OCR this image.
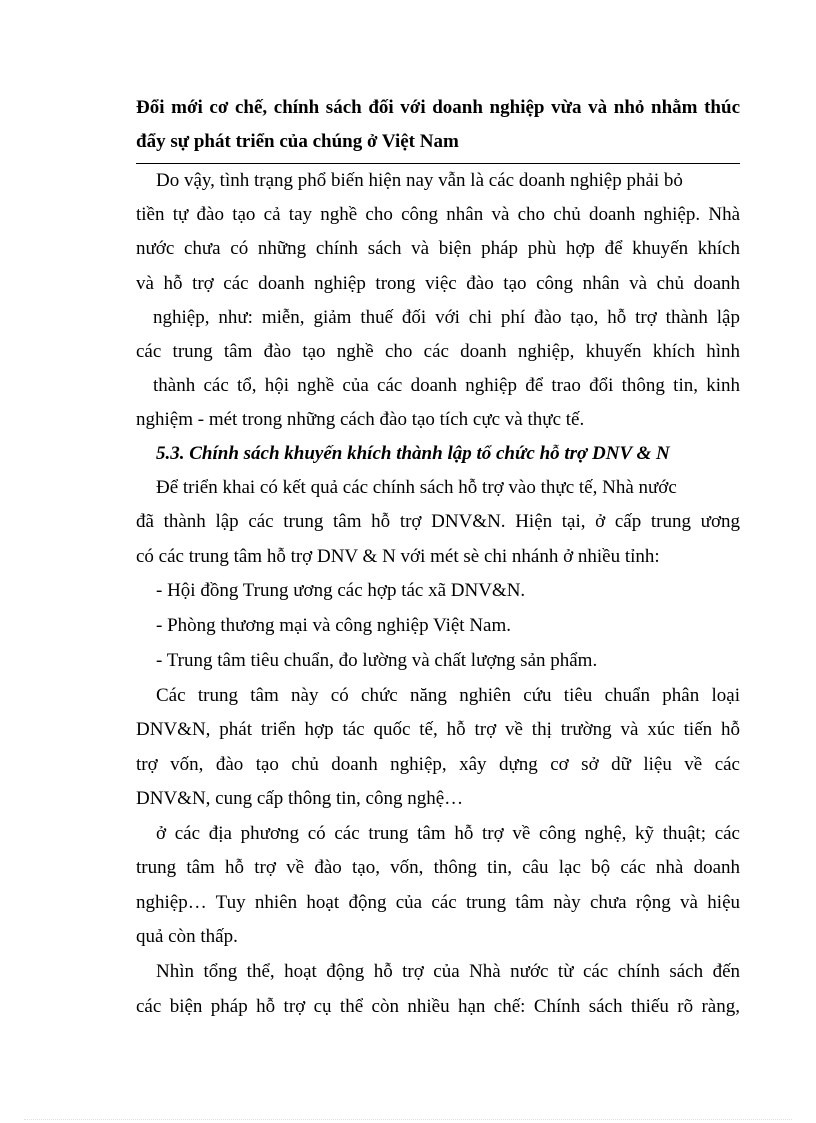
Đổi mới cơ chế, chính sách đối với doanh nghiệp vừa và nhỏ nhằm thúc đẩy sự phát triển của chúng ở Việt Nam
Do vậy, tình trạng phổ biến hiện nay vẫn là các doanh nghiệp phải bỏ
tiền tự đào tạo cả tay nghề cho công nhân và cho chủ doanh nghiệp. Nhà
nước chưa có những chính sách và biện pháp phù hợp để khuyến khích
và hỗ trợ các doanh nghiệp trong việc đào tạo công nhân và chủ doanh
nghiệp, như: miễn, giảm thuế đối với chi phí đào tạo, hỗ trợ thành lập
các trung tâm đào tạo nghề cho các doanh nghiệp, khuyến khích hình
thành các tổ, hội nghề của các doanh nghiệp để trao đổi thông tin, kinh
nghiệm - mét trong những cách đào tạo tích cực và thực tế.
5.3. Chính sách khuyến khích thành lập tổ chức hỗ trợ DNV & N
Để triển khai có kết quả các chính sách hỗ trợ vào thực tế, Nhà nước
đã thành lập các trung tâm hỗ trợ DNV&N. Hiện tại, ở cấp trung ương
có các trung tâm hỗ trợ DNV & N với mét sè chi nhánh ở nhiều tỉnh:
- Hội đồng Trung ương các hợp tác xã DNV&N.
- Phòng thương mại và công nghiệp Việt Nam.
- Trung tâm tiêu chuẩn, đo lường và chất lượng sản phẩm.
Các trung tâm này có chức năng nghiên cứu tiêu chuẩn phân loại
DNV&N, phát triển hợp tác quốc tế, hỗ trợ về thị trường và xúc tiến hỗ
trợ vốn, đào tạo chủ doanh nghiệp, xây dựng cơ sở dữ liệu về các
DNV&N, cung cấp thông tin, công nghệ…
ở các địa phương có các trung tâm hỗ trợ về công nghệ, kỹ thuật; các
trung tâm hỗ trợ về đào tạo, vốn, thông tin, câu lạc bộ các nhà doanh
nghiệp… Tuy nhiên hoạt động của các trung tâm này chưa rộng và hiệu
quả còn thấp.
Nhìn tổng thể, hoạt động hỗ trợ của Nhà nước từ các chính sách đến
các biện pháp hỗ trợ cụ thể còn nhiều hạn chế: Chính sách thiếu rõ ràng,
